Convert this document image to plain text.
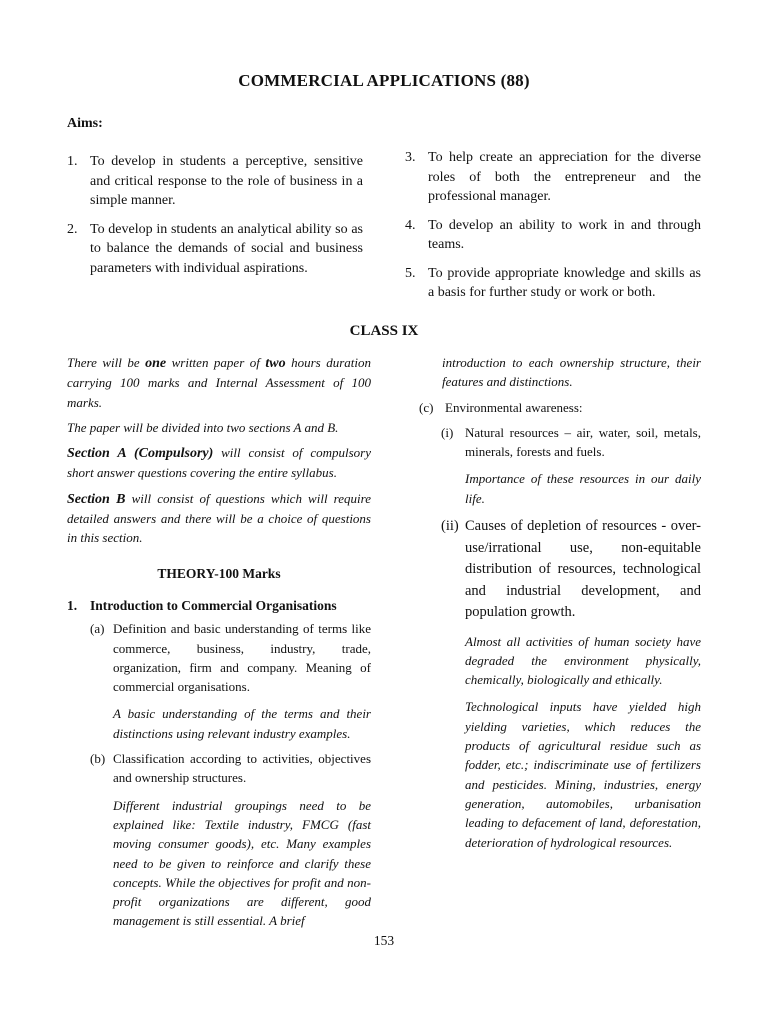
COMMERCIAL APPLICATIONS (88)
Aims:
1. To develop in students a perceptive, sensitive and critical response to the role of business in a simple manner.
2. To develop in students an analytical ability so as to balance the demands of social and business parameters with individual aspirations.
3. To help create an appreciation for the diverse roles of both the entrepreneur and the professional manager.
4. To develop an ability to work in and through teams.
5. To provide appropriate knowledge and skills as a basis for further study or work or both.
CLASS IX

There will be one written paper of two hours duration carrying 100 marks and Internal Assessment of 100 marks.

The paper will be divided into two sections A and B.

Section A (Compulsory) will consist of compulsory short answer questions covering the entire syllabus.

Section B will consist of questions which will require detailed answers and there will be a choice of questions in this section.

THEORY-100 Marks
1. Introduction to Commercial Organisations
(a) Definition and basic understanding of terms like commerce, business, industry, trade, organization, firm and company. Meaning of commercial organisations.

A basic understanding of the terms and their distinctions using relevant industry examples.

(b) Classification according to activities, objectives and ownership structures.

Different industrial groupings need to be explained like: Textile industry, FMCG (fast moving consumer goods), etc. Many examples need to be given to reinforce and clarify these concepts. While the objectives for profit and non-profit organizations are different, good management is still essential. A brief

introduction to each ownership structure, their features and distinctions.

(c) Environmental awareness:
(i) Natural resources – air, water, soil, metals, minerals, forests and fuels.

Importance of these resources in our daily life.

(ii) Causes of depletion of resources - over-use/irrational use, non-equitable distribution of resources, technological and industrial development, and population growth.

Almost all activities of human society have degraded the environment physically, chemically, biologically and ethically.

Technological inputs have yielded high yielding varieties, which reduces the products of agricultural residue such as fodder, etc.; indiscriminate use of fertilizers and pesticides. Mining, industries, energy generation, automobiles, urbanisation leading to defacement of land, deforestation, deterioration of hydrological resources.

153
